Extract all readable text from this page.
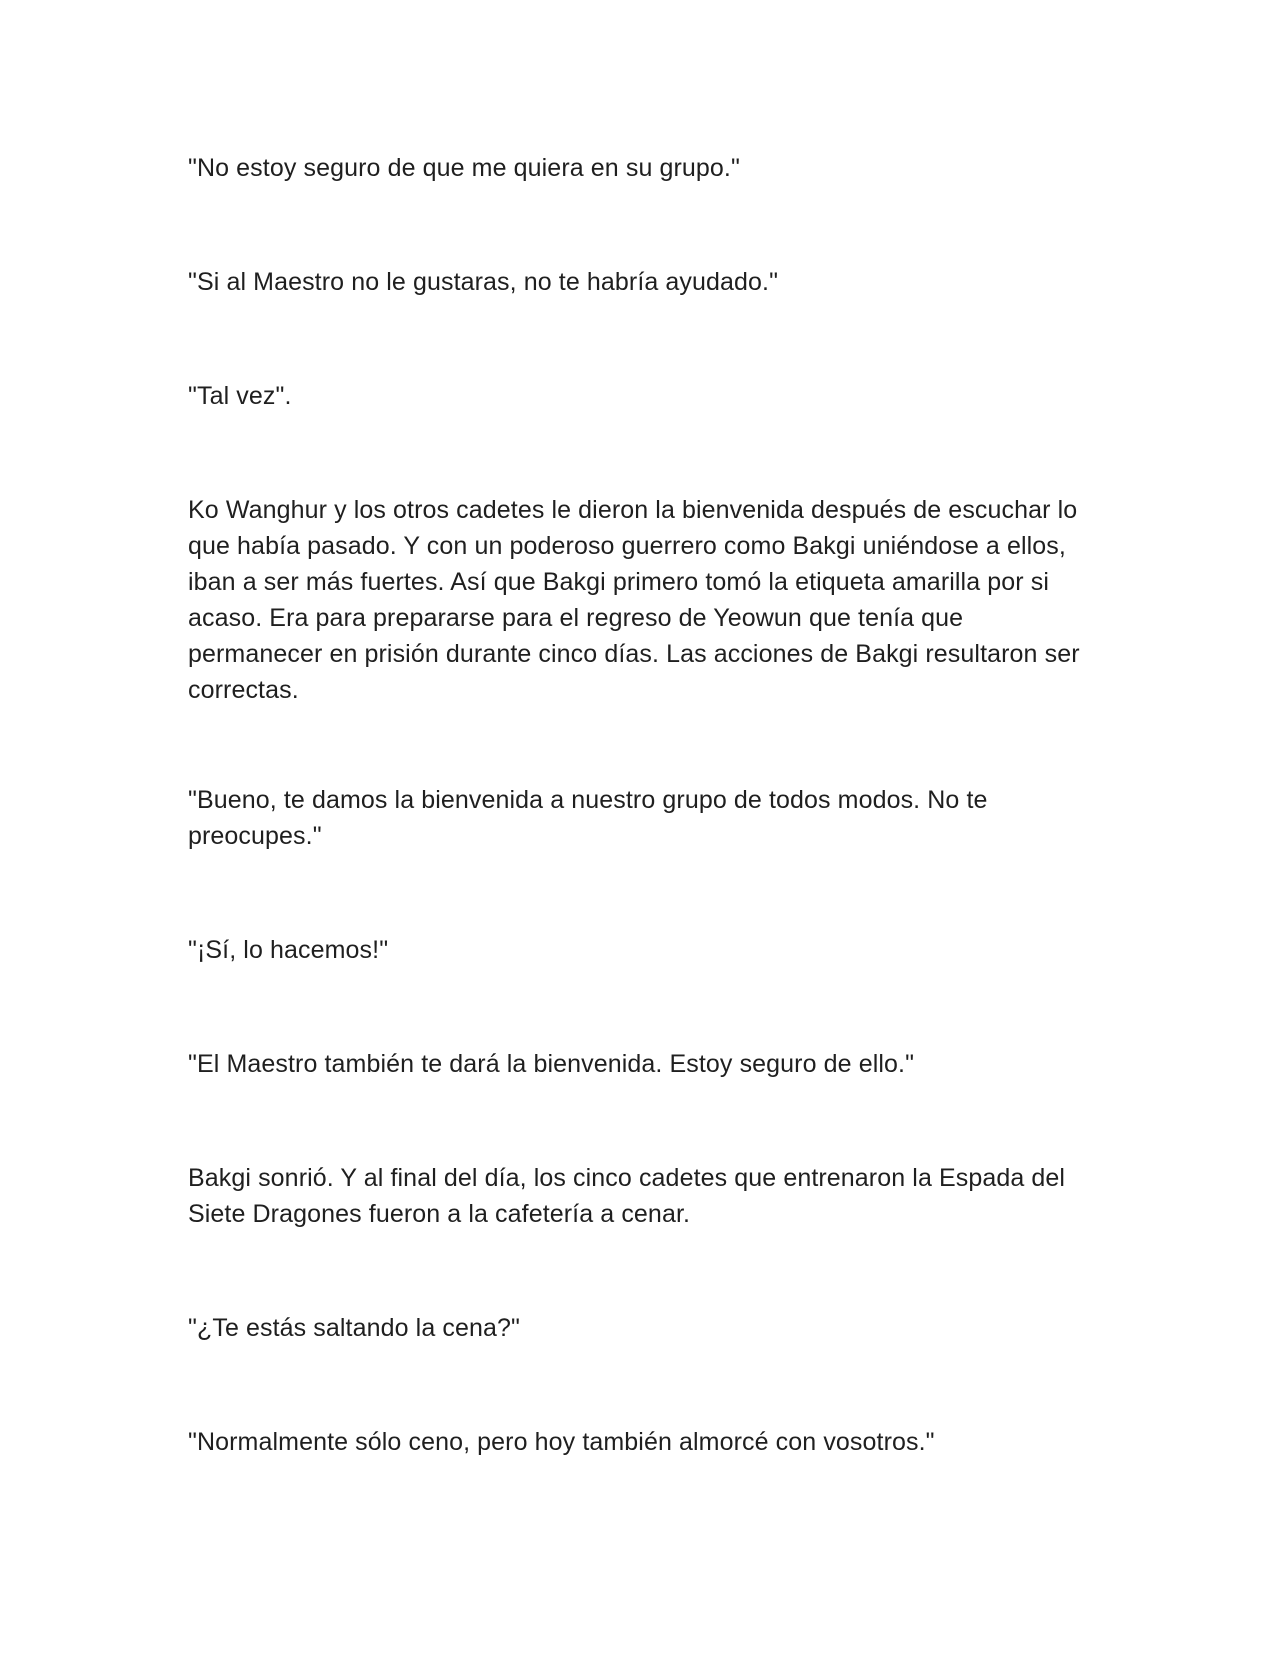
"No estoy seguro de que me quiera en su grupo."

"Si al Maestro no le gustaras, no te habría ayudado."

"Tal vez".

Ko Wanghur y los otros cadetes le dieron la bienvenida después de escuchar lo que había pasado. Y con un poderoso guerrero como Bakgi uniéndose a ellos, iban a ser más fuertes. Así que Bakgi primero tomó la etiqueta amarilla por si acaso. Era para prepararse para el regreso de Yeowun que tenía que permanecer en prisión durante cinco días. Las acciones de Bakgi resultaron ser correctas.

"Bueno, te damos la bienvenida a nuestro grupo de todos modos. No te preocupes."

"¡Sí, lo hacemos!"

"El Maestro también te dará la bienvenida. Estoy seguro de ello."

Bakgi sonrió. Y al final del día, los cinco cadetes que entrenaron la Espada del Siete Dragones fueron a la cafetería a cenar.

"¿Te estás saltando la cena?"

"Normalmente sólo ceno, pero hoy también almorcé con vosotros."
